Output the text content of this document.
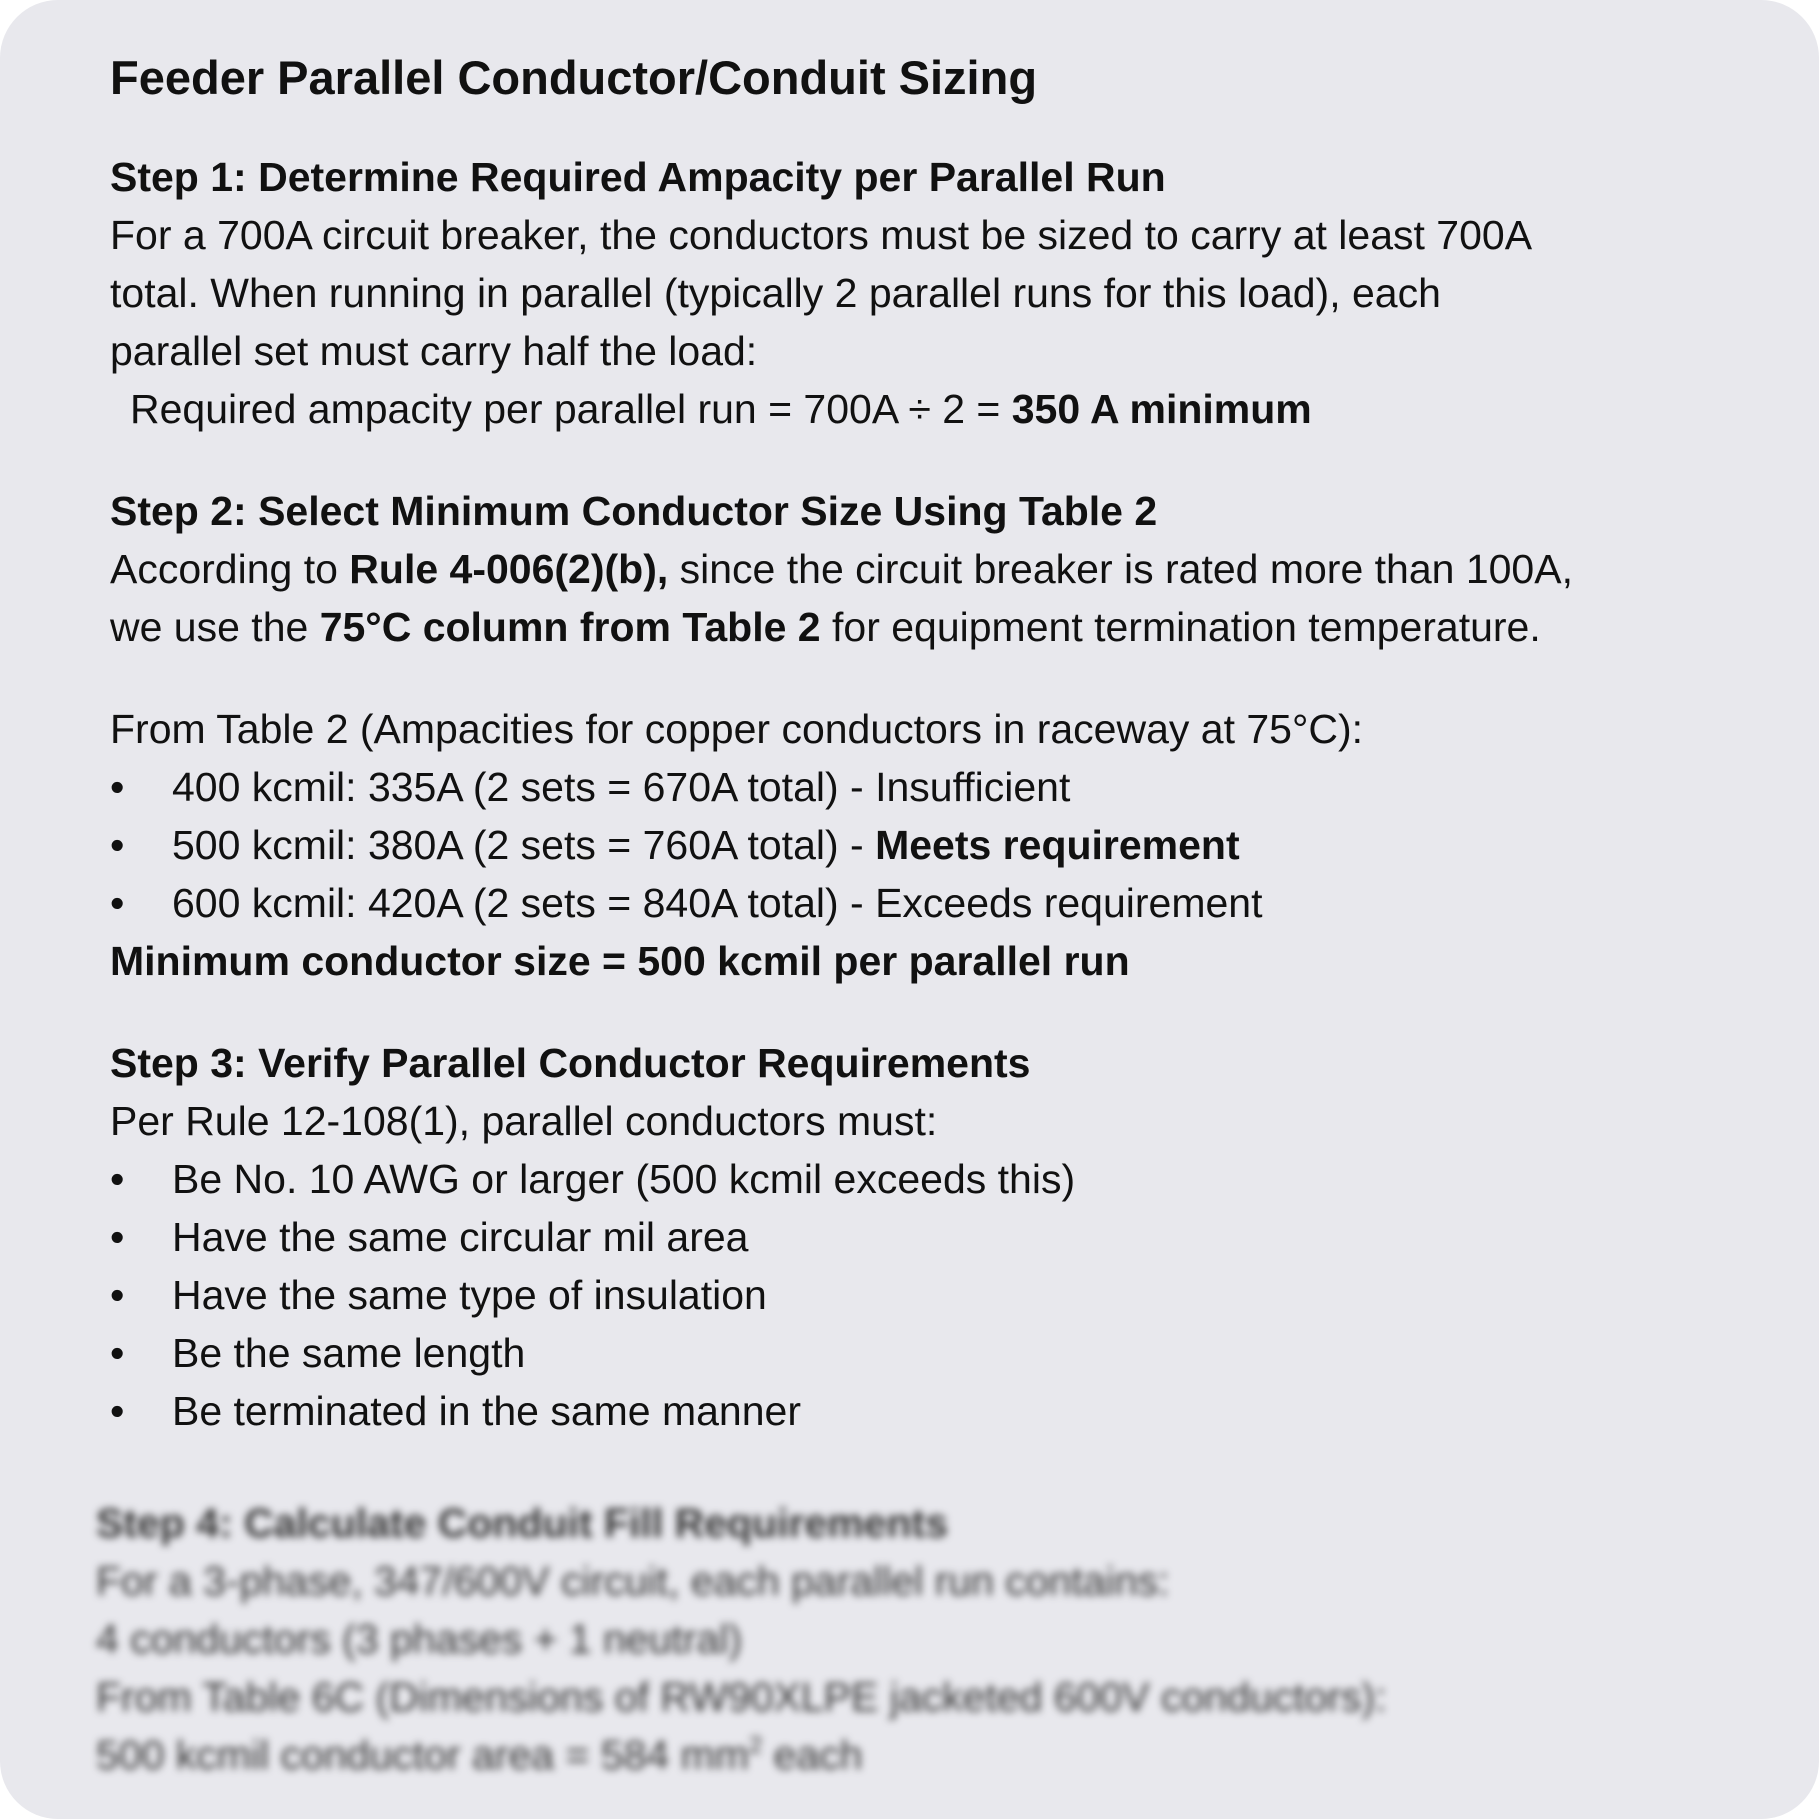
Feeder Parallel Conductor/Conduit Sizing
Step 1: Determine Required Ampacity per Parallel Run
For a 700A circuit breaker, the conductors must be sized to carry at least 700A
total. When running in parallel (typically 2 parallel runs for this load), each
parallel set must carry half the load:
Required ampacity per parallel run = 700A ÷ 2 = 350 A minimum
Step 2: Select Minimum Conductor Size Using Table 2
According to Rule 4-006(2)(b), since the circuit breaker is rated more than 100A,
we use the 75°C column from Table 2 for equipment termination temperature.
From Table 2 (Ampacities for copper conductors in raceway at 75°C):
• 400 kcmil: 335A (2 sets = 670A total) - Insufficient
• 500 kcmil: 380A (2 sets = 760A total) - Meets requirement
• 600 kcmil: 420A (2 sets = 840A total) - Exceeds requirement
Minimum conductor size = 500 kcmil per parallel run
Step 3: Verify Parallel Conductor Requirements
Per Rule 12-108(1), parallel conductors must:
• Be No. 10 AWG or larger (500 kcmil exceeds this)
• Have the same circular mil area
• Have the same type of insulation
• Be the same length
• Be terminated in the same manner
Step 4: Calculate Conduit Fill Requirements
For a 3-phase, 347/600V circuit, each parallel run contains:
4 conductors (3 phases + 1 neutral)
From Table 6C (Dimensions of RW90XLPE jacketed 600V conductors):
500 kcmil conductor area = 584 $mm^2$ each
